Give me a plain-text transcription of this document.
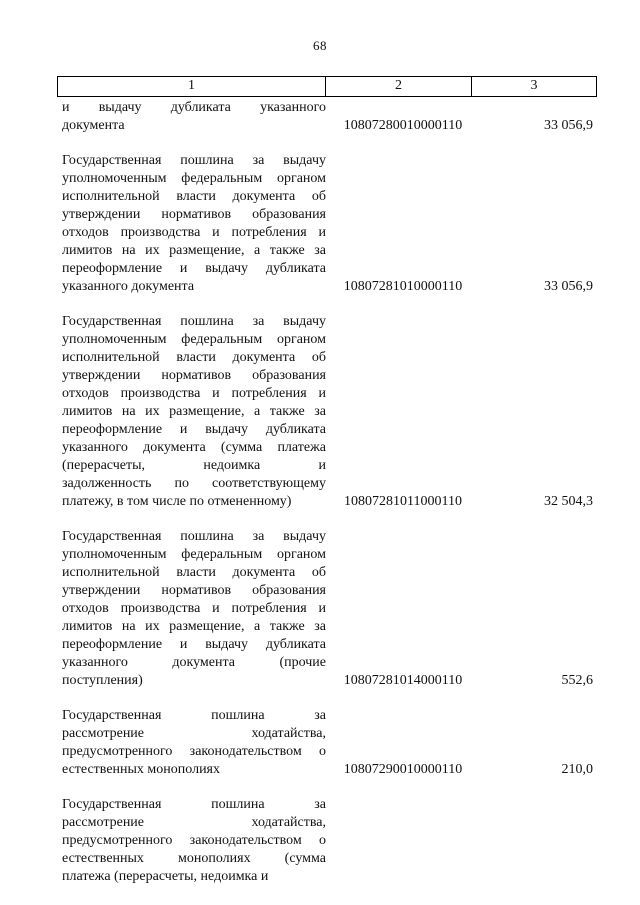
68
1	2	3
и выдачу дубликата указанного
документа	10807280010000110	33 056,9
Государственная пошлина за выдачу
уполномоченным федеральным органом
исполнительной власти документа об
утверждении нормативов образования
отходов производства и потребления и
лимитов на их размещение, а также за
переоформление и выдачу дубликата
указанного документа	10807281010000110	33 056,9
Государственная пошлина за выдачу
уполномоченным федеральным органом
исполнительной власти документа об
утверждении нормативов образования
отходов производства и потребления и
лимитов на их размещение, а также за
переоформление и выдачу дубликата
указанного документа (сумма платежа
(перерасчеты, недоимка и
задолженность по соответствующему
платежу, в том числе по отмененному)	10807281011000110	32 504,3
Государственная пошлина за выдачу
уполномоченным федеральным органом
исполнительной власти документа об
утверждении нормативов образования
отходов производства и потребления и
лимитов на их размещение, а также за
переоформление и выдачу дубликата
указанного документа (прочие
поступления)	10807281014000110	552,6
Государственная пошлина за
рассмотрение ходатайства,
предусмотренного законодательством о
естественных монополиях	10807290010000110	210,0
Государственная пошлина за
рассмотрение ходатайства,
предусмотренного законодательством о
естественных монополиях (сумма
платежа (перерасчеты, недоимка и
